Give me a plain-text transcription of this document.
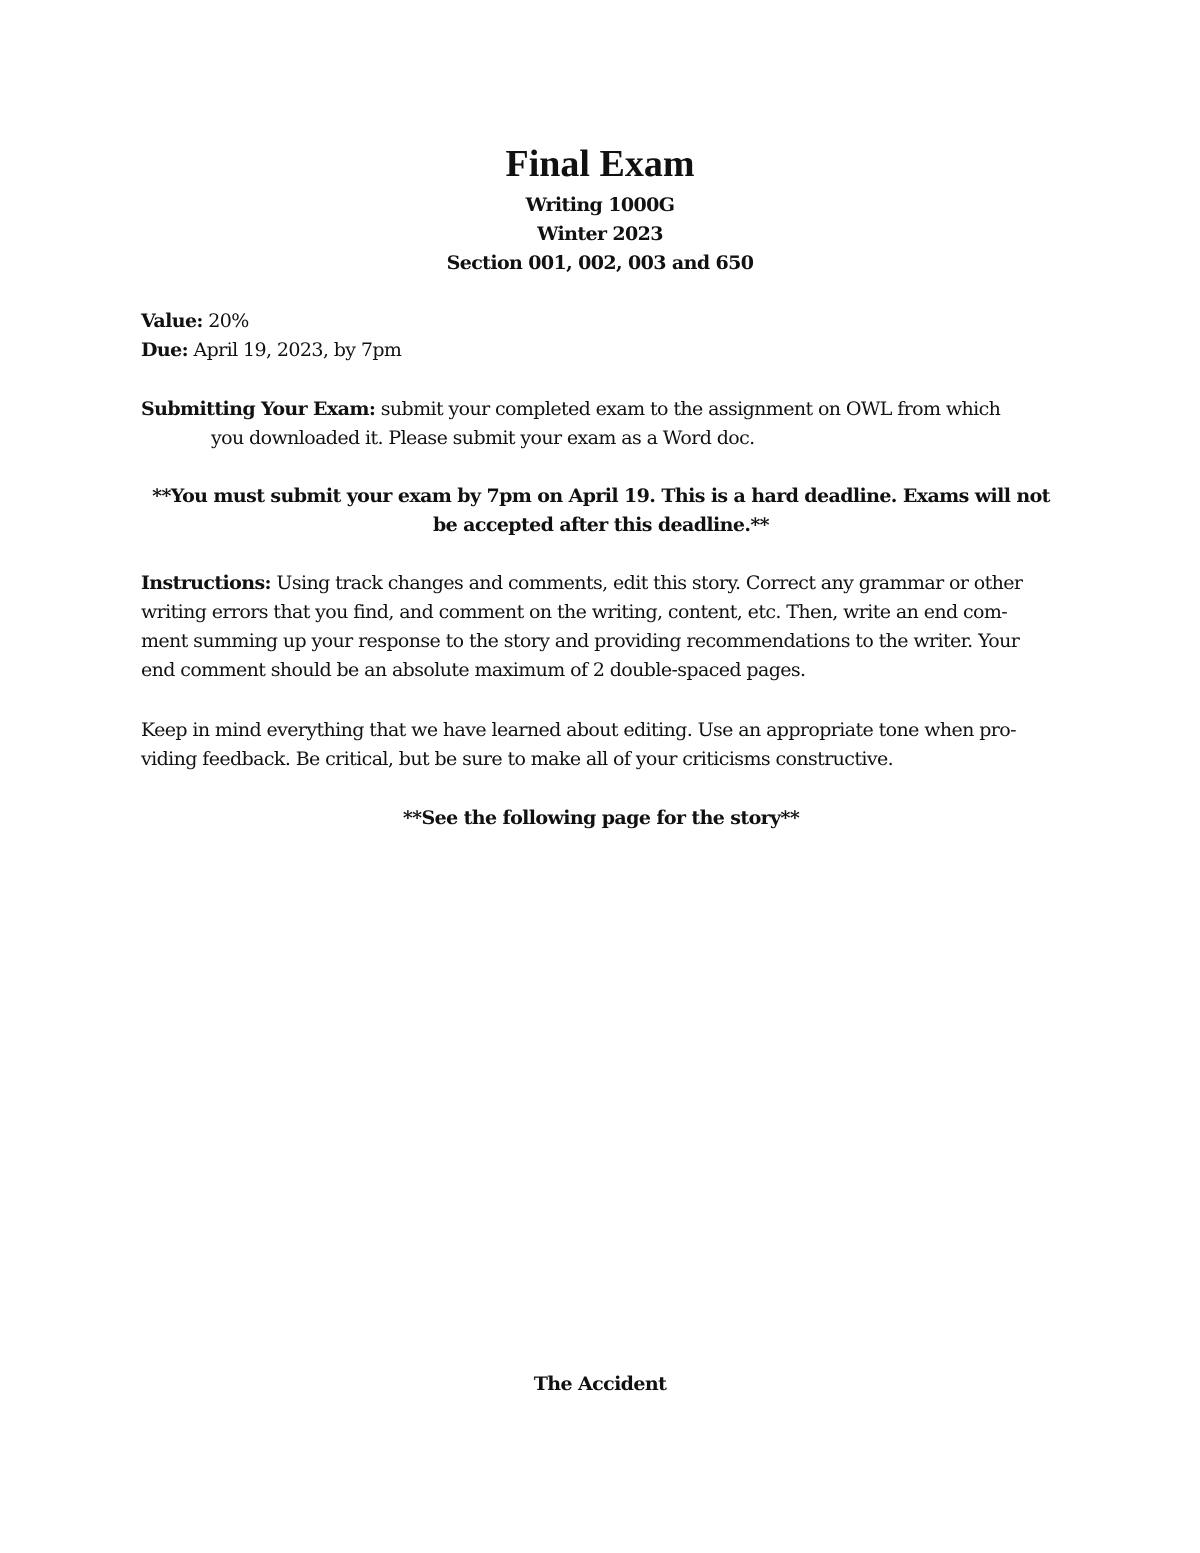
Final Exam
Writing 1000G
Winter 2023
Section 001, 002, 003 and 650
Value: 20%
Due: April 19, 2023, by 7pm
Submitting Your Exam: submit your completed exam to the assignment on OWL from which
you downloaded it. Please submit your exam as a Word doc.
**You must submit your exam by 7pm on April 19. This is a hard deadline. Exams will not
be accepted after this deadline.**
Instructions: Using track changes and comments, edit this story. Correct any grammar or other
writing errors that you find, and comment on the writing, content, etc. Then, write an end com-
ment summing up your response to the story and providing recommendations to the writer. Your
end comment should be an absolute maximum of 2 double-spaced pages.
Keep in mind everything that we have learned about editing. Use an appropriate tone when pro-
viding feedback. Be critical, but be sure to make all of your criticisms constructive.
**See the following page for the story**
The Accident
